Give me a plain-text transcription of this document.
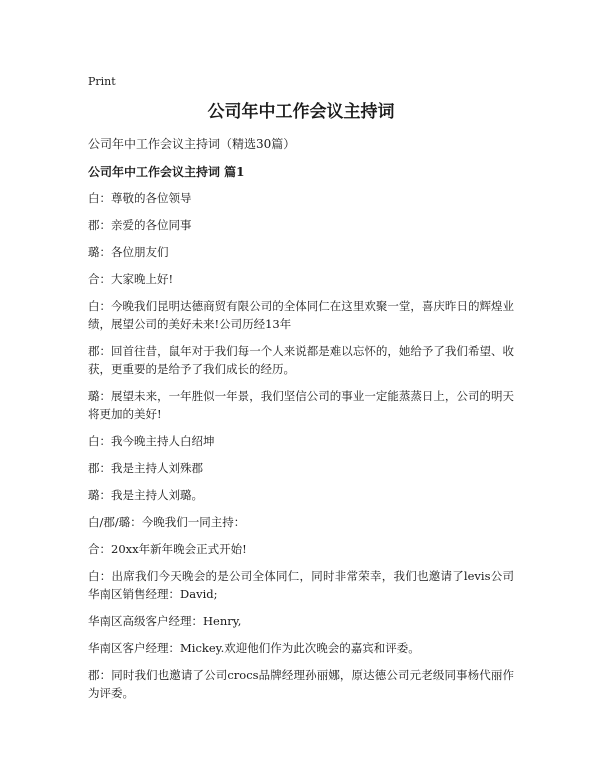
Print
公司年中工作会议主持词
公司年中工作会议主持词（精选30篇）
公司年中工作会议主持词 篇1

白：尊敬的各位领导

郡：亲爱的各位同事

璐：各位朋友们

合：大家晚上好!

白：今晚我们昆明达德商贸有限公司的全体同仁在这里欢聚一堂，喜庆昨日的辉煌业绩，展望公司的美好未来!公司历经13年

郡：回首往昔，鼠年对于我们每一个人来说都是难以忘怀的，她给予了我们希望、收获，更重要的是给予了我们成长的经历。

璐：展望未来，一年胜似一年景，我们坚信公司的事业一定能蒸蒸日上，公司的明天将更加的美好!

白：我今晚主持人白绍坤

郡：我是主持人刘殊郡

璐：我是主持人刘璐。

白/郡/璐：今晚我们一同主持：

合：20xx年新年晚会正式开始!

白：出席我们今天晚会的是公司全体同仁，同时非常荣幸，我们也邀请了levis公司华南区销售经理：David;

华南区高级客户经理：Henry,

华南区客户经理：Mickey.欢迎他们作为此次晚会的嘉宾和评委。

郡：同时我们也邀请了公司crocs品牌经理孙丽娜，原达德公司元老级同事杨代丽作为评委。
